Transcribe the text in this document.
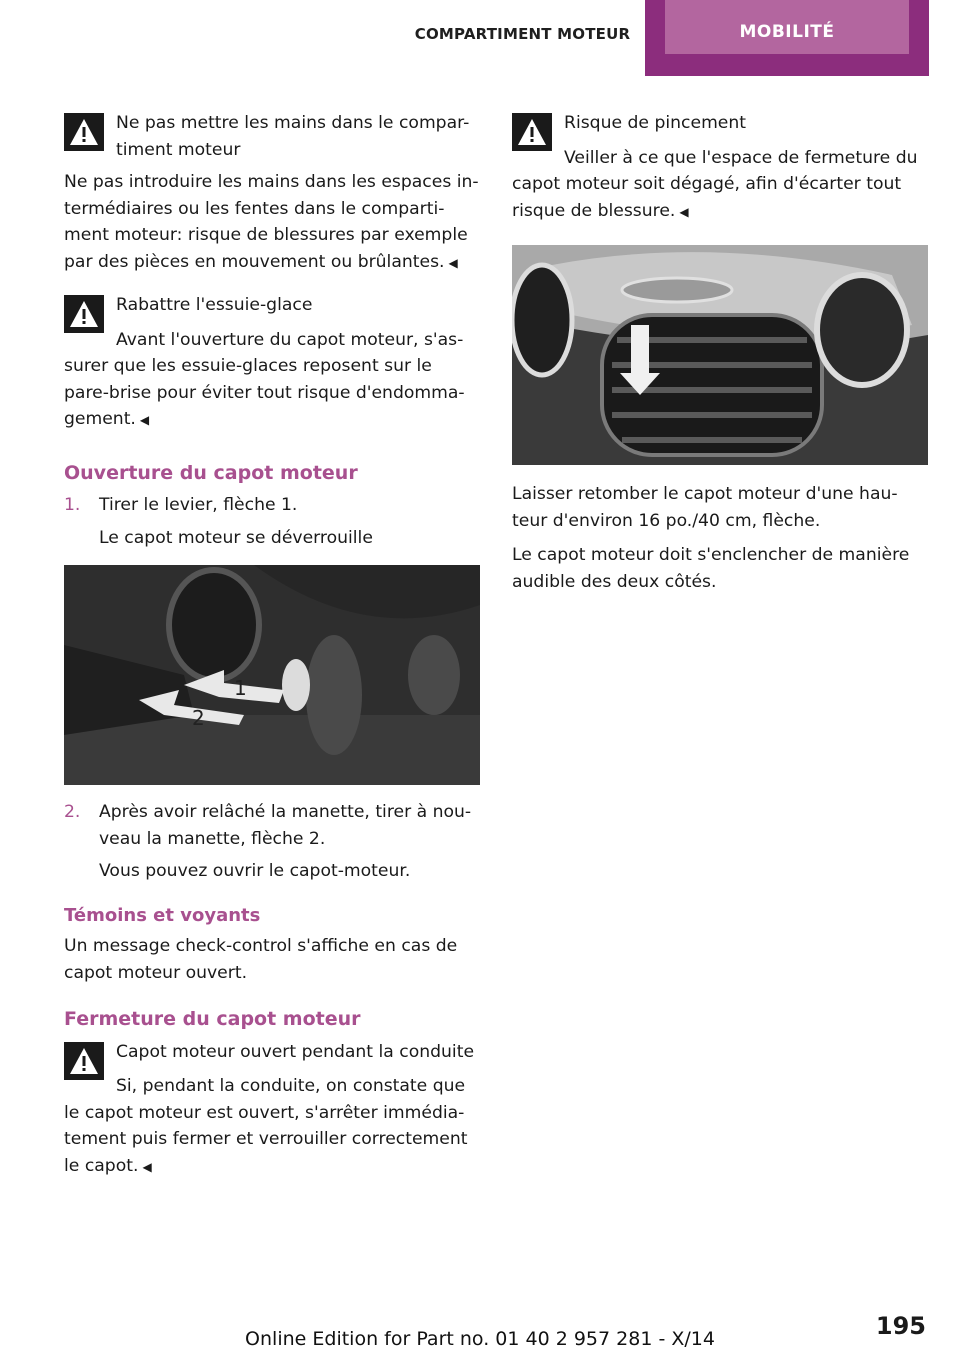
COMPARTIMENT MOTEUR	MOBILITÉ

Ne pas mettre les mains dans le compar-timent moteur

Ne pas introduire les mains dans les espaces in-termédiaires ou les fentes dans le comparti-ment moteur: risque de blessures par exemple par des pièces en mouvement ou brûlantes. ◀

Rabattre l'essuie-glace

Avant l'ouverture du capot moteur, s'as-surer que les essuie-glaces reposent sur le pare-brise pour éviter tout risque d'endomma-gement. ◀

Ouverture du capot moteur
1. Tirer le levier, flèche 1.
Le capot moteur se déverrouille
2
1
2. Après avoir relâché la manette, tirer à nou-veau la manette, flèche 2.
Vous pouvez ouvrir le capot-moteur.
Témoins et voyants

Un message check-control s'affiche en cas de capot moteur ouvert.

Fermeture du capot moteur

Capot moteur ouvert pendant la conduite

Si, pendant la conduite, on constate que le capot moteur est ouvert, s'arrêter immédia-tement puis fermer et verrouiller correctement le capot. ◀

Risque de pincement

Veiller à ce que l'espace de fermeture du capot moteur soit dégagé, afin d'écarter tout risque de blessure. ◀

Laisser retomber le capot moteur d'une hau-teur d'environ 16 po./40 cm, flèche.

Le capot moteur doit s'enclencher de manière audible des deux côtés.

195
Online Edition for Part no. 01 40 2 957 281 - X/14
